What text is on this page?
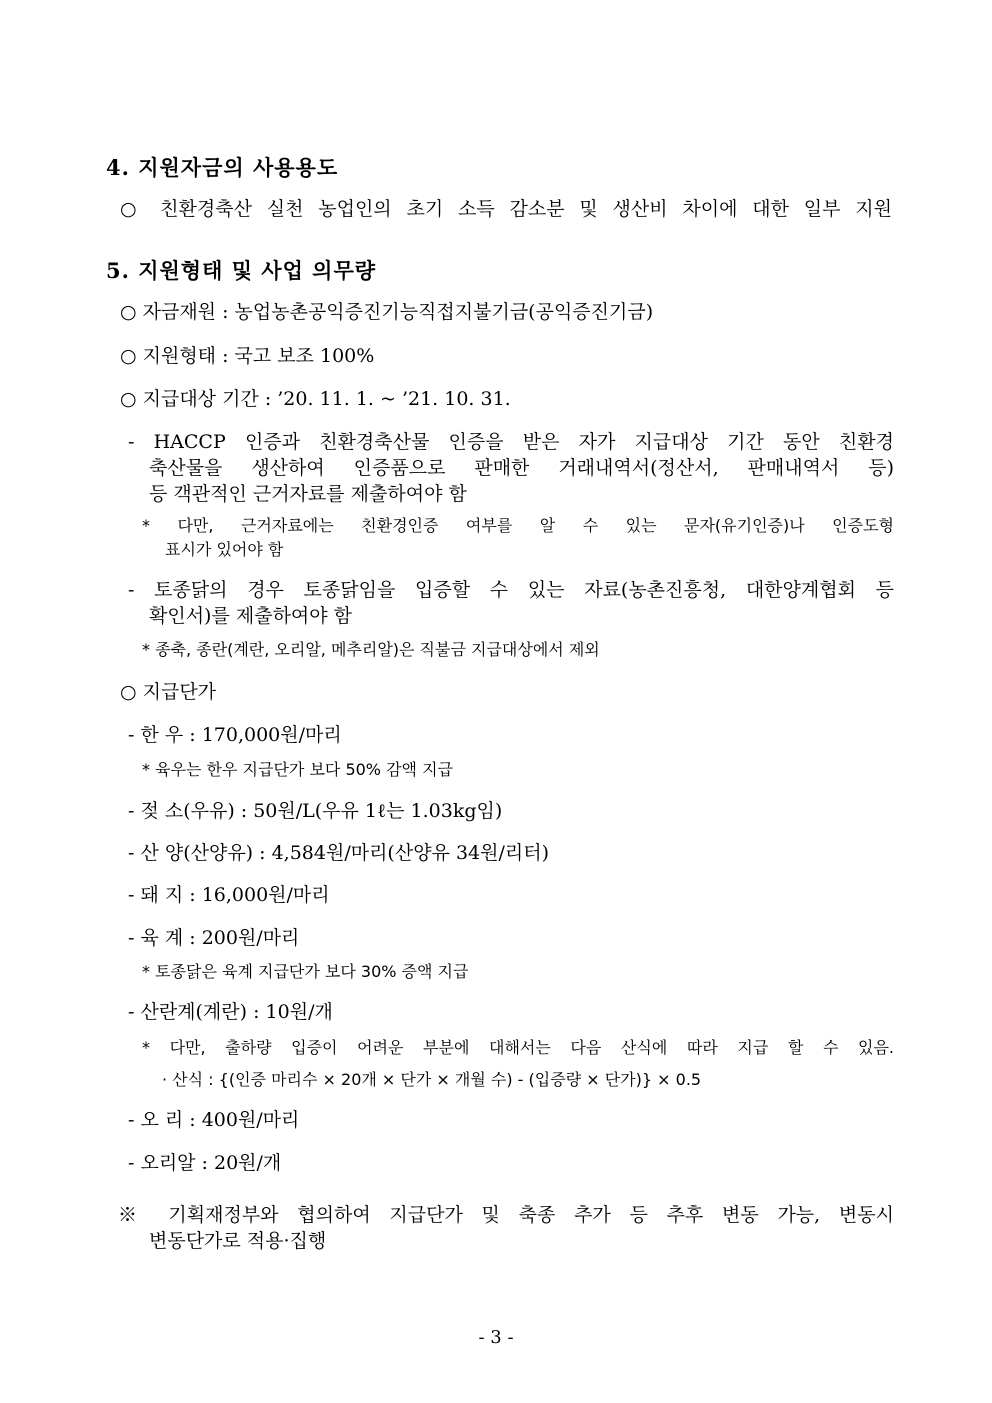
4. 지원자금의 사용용도
○ 친환경축산 실천 농업인의 초기 소득 감소분 및 생산비 차이에 대한 일부 지원
5. 지원형태 및 사업 의무량
○ 자금재원 : 농업농촌공익증진기능직접지불기금(공익증진기금)
○ 지원형태 : 국고 보조 100%
○ 지급대상 기간 : ’20. 11. 1. ~ ’21. 10. 31.
- HACCP 인증과 친환경축산물 인증을 받은 자가 지급대상 기간 동안 친환경
축산물을 생산하여 인증품으로 판매한 거래내역서(정산서, 판매내역서 등)
등 객관적인 근거자료를 제출하여야 함
* 다만, 근거자료에는 친환경인증 여부를 알 수 있는 문자(유기인증)나 인증도형
표시가 있어야 함
- 토종닭의 경우 토종닭임을 입증할 수 있는 자료(농촌진흥청, 대한양계협회 등
확인서)를 제출하여야 함
* 종축, 종란(계란, 오리알, 메추리알)은 직불금 지급대상에서 제외
○ 지급단가
- 한 우 : 170,000원/마리
* 육우는 한우 지급단가 보다 50% 감액 지급
- 젖 소(우유) : 50원/L(우유 1ℓ는 1.03kg임)
- 산 양(산양유) : 4,584원/마리(산양유 34원/리터)
- 돼 지 : 16,000원/마리
- 육 계 : 200원/마리
* 토종닭은 육계 지급단가 보다 30% 증액 지급
- 산란계(계란) : 10원/개
* 다만, 출하량 입증이 어려운 부분에 대해서는 다음 산식에 따라 지급 할 수 있음.
· 산식 : {(인증 마리수 × 20개 × 단가 × 개월 수) - (입증량 × 단가)} × 0.5
- 오 리 : 400원/마리
- 오리알 : 20원/개
※ 기획재정부와 협의하여 지급단가 및 축종 추가 등 추후 변동 가능, 변동시
변동단가로 적용·집행
- 3 -
